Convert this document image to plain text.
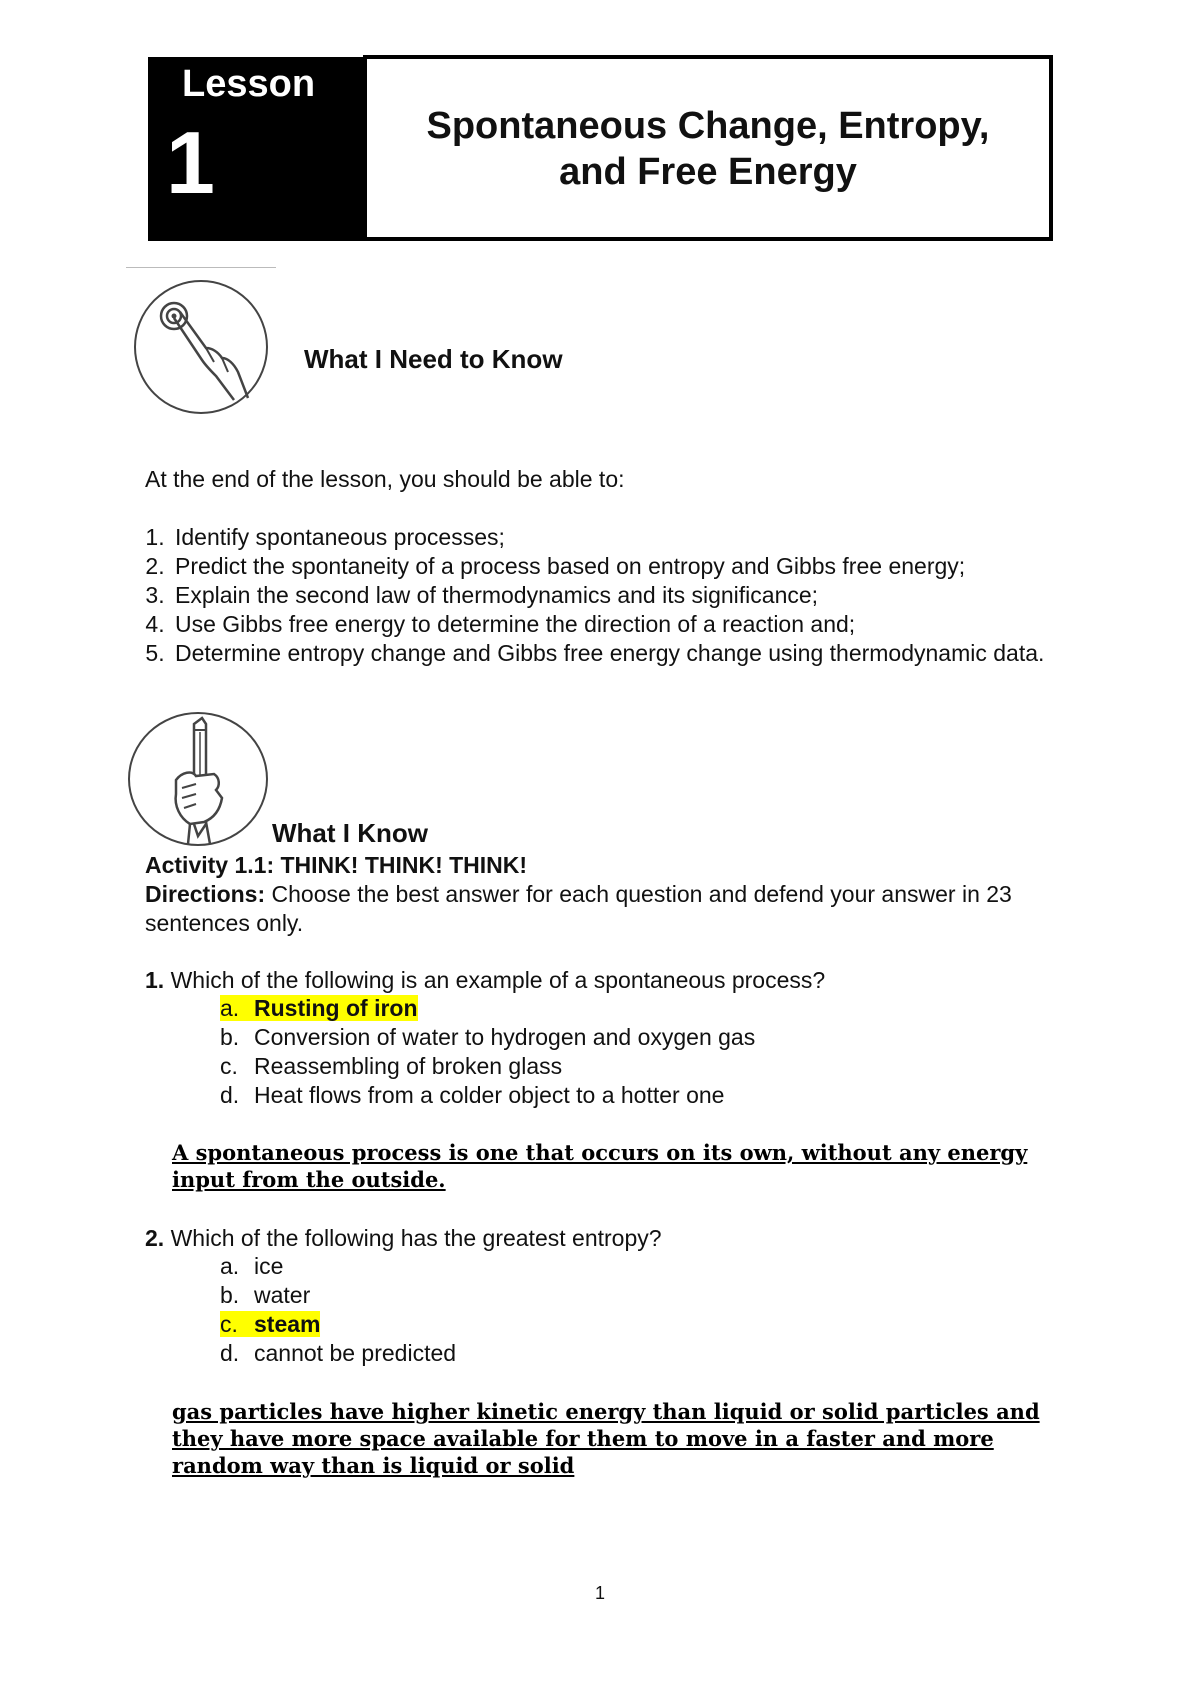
Lesson
1	Spontaneous Change, Entropy,
and Free Energy
What I Need to Know
At the end of the lesson, you should be able to:
1. Identify spontaneous processes;
2. Predict the spontaneity of a process based on entropy and Gibbs free energy;
3. Explain the second law of thermodynamics and its significance;
4. Use Gibbs free energy to determine the direction of a reaction and;
5. Determine entropy change and Gibbs free energy change using thermodynamic data.
What I Know
Activity 1.1: THINK! THINK! THINK!
Directions: Choose the best answer for each question and defend your answer in 23 sentences only.
1. Which of the following is an example of a spontaneous process?
a. Rusting of iron
b. Conversion of water to hydrogen and oxygen gas
c. Reassembling of broken glass
d. Heat flows from a colder object to a hotter one
A spontaneous process is one that occurs on its own, without any energy input from the outside.
2. Which of the following has the greatest entropy?
a. ice
b. water
c. steam
d. cannot be predicted
gas particles have higher kinetic energy than liquid or solid particles and they have more space available for them to move in a faster and more random way than is liquid or solid
1
